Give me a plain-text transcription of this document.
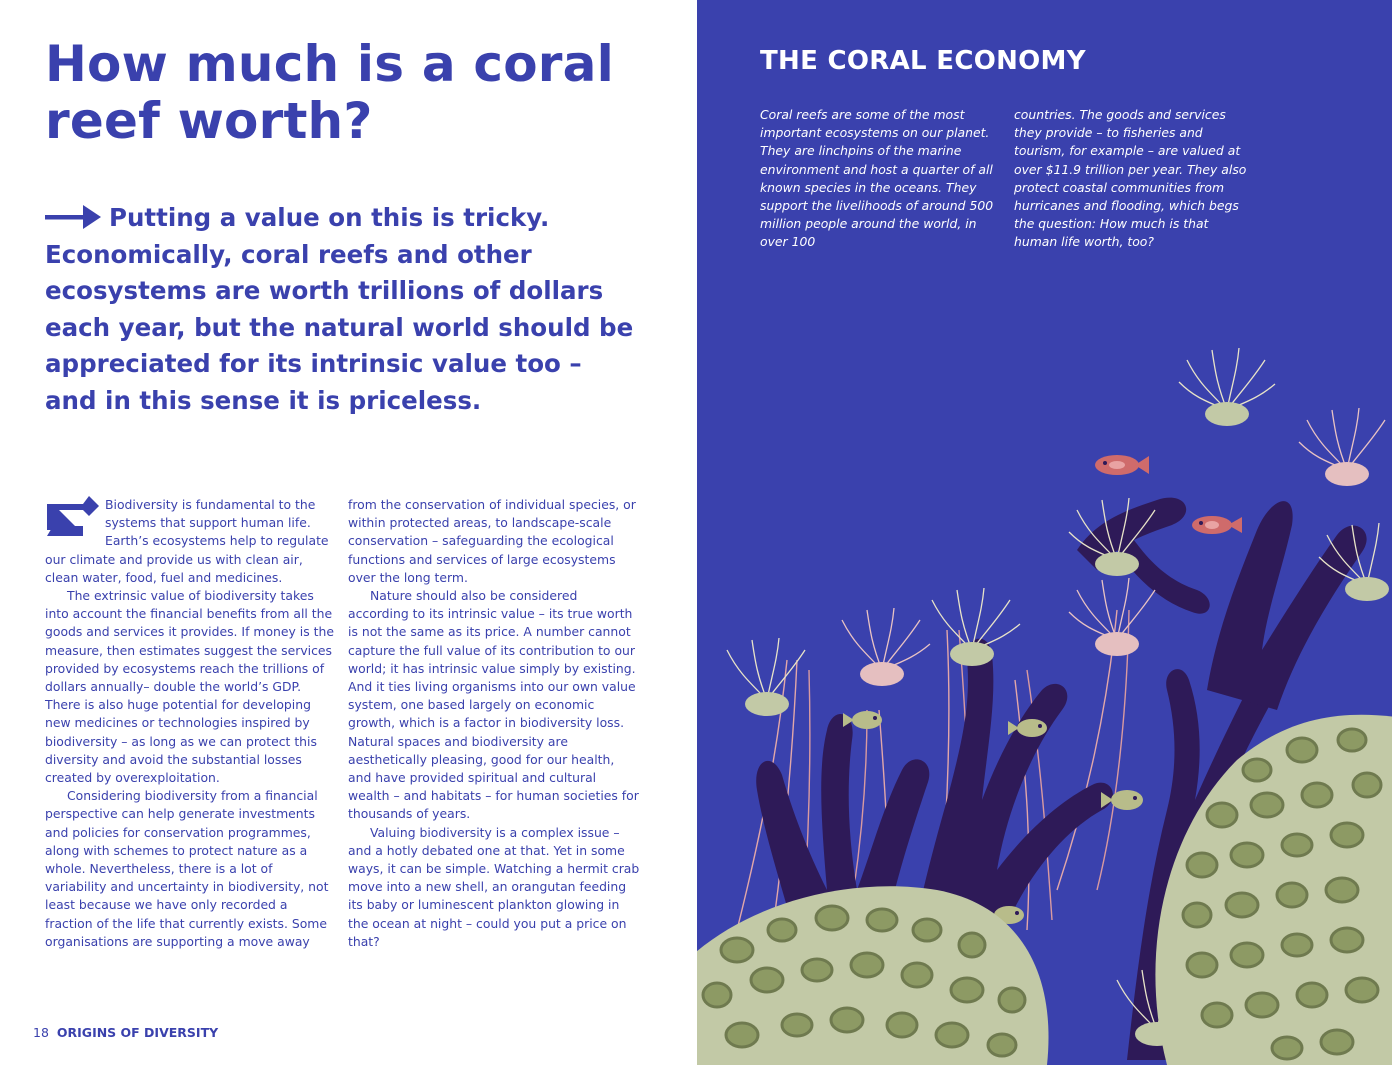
How much is a coral reef worth?
Putting a value on this is tricky. Economically, coral reefs and other ecosystems are worth trillions of dollars each year, but the natural world should be appreciated for its intrinsic value too – and in this sense it is priceless.

Biodiversity is fundamental to the systems that support human life. Earth’s ecosystems help to regulate our climate and provide us with clean air, clean water, food, fuel and medicines.

The extrinsic value of biodiversity takes into account the financial benefits from all the goods and services it provides. If money is the measure, then estimates suggest the services provided by ecosystems reach the trillions of dollars annually– double the world’s GDP. There is also huge potential for developing new medicines or technologies inspired by biodiversity – as long as we can protect this diversity and avoid the substantial losses created by overexploitation.

Considering biodiversity from a financial perspective can help generate investments and policies for conservation programmes, along with schemes to protect nature as a whole. Nevertheless, there is a lot of variability and uncertainty in biodiversity, not least because we have only recorded a fraction of the life that currently exists. Some organisations are supporting a move away

from the conservation of individual species, or within protected areas, to landscape-scale conservation – safeguarding the ecological functions and services of large ecosystems over the long term.

Nature should also be considered according to its intrinsic value – its true worth is not the same as its price. A number cannot capture the full value of its contribution to our world; it has intrinsic value simply by existing. And it ties living organisms into our own value system, one based largely on economic growth, which is a factor in biodiversity loss. Natural spaces and biodiversity are aesthetically pleasing, good for our health, and have provided spiritual and cultural wealth – and habitats – for human societies for thousands of years.

Valuing biodiversity is a complex issue – and a hotly debated one at that. Yet in some ways, it can be simple. Watching a hermit crab move into a new shell, an orangutan feeding its baby or luminescent plankton glowing in the ocean at night – could you put a price on that?

18 ORIGINS OF DIVERSITY
THE CORAL ECONOMY

Coral reefs are some of the most important ecosystems on our planet. They are linchpins of the marine environment and host a quarter of all known species in the oceans. They support the livelihoods of around 500 million people around the world, in over 100

countries. The goods and services they provide – to fisheries and tourism, for example – are valued at over $11.9 trillion per year. They also protect coastal communities from hurricanes and flooding, which begs the question: How much is that human life worth, too?
